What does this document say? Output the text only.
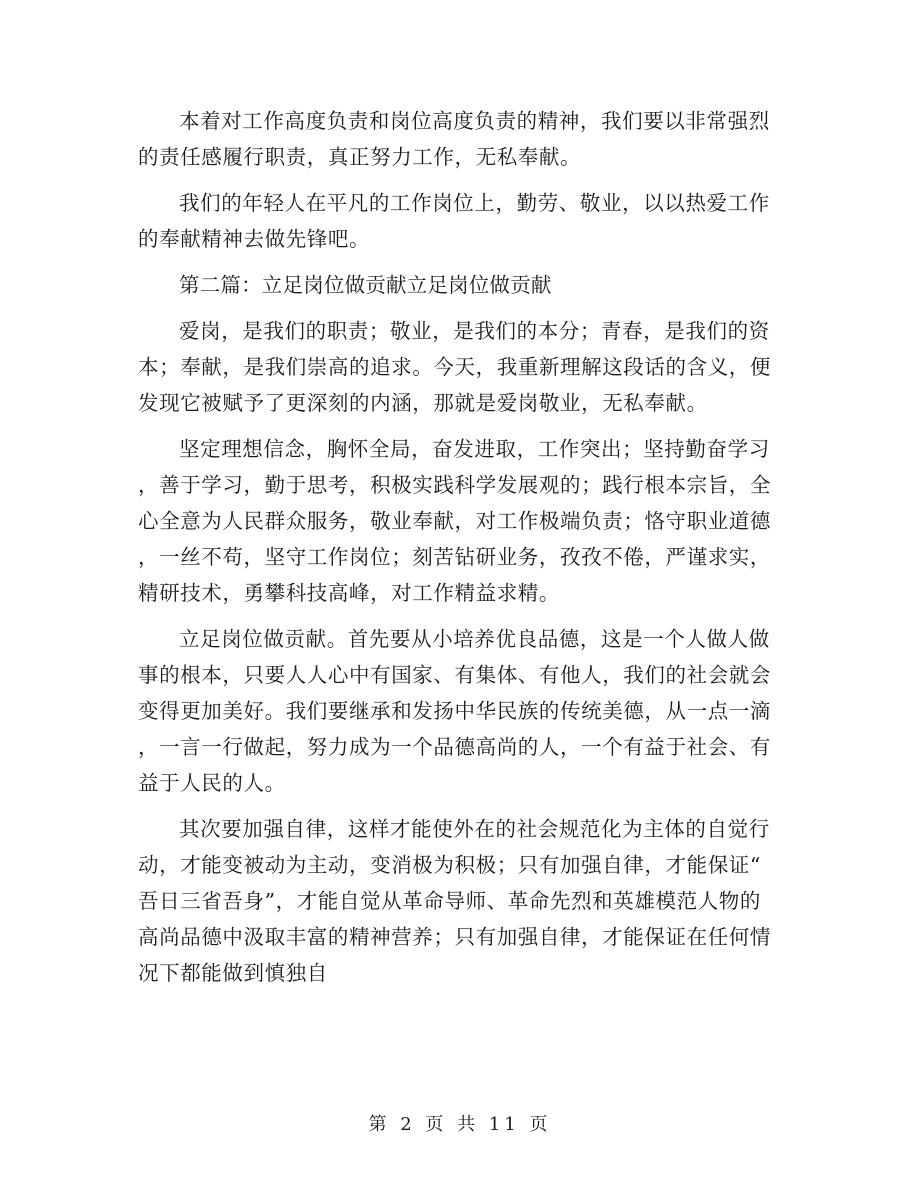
本着对工作高度负责和岗位高度负责的精神，我们要以非常强烈
的责任感履行职责，真正努力工作，无私奉献。
我们的年轻人在平凡的工作岗位上，勤劳、敬业，以以热爱工作
的奉献精神去做先锋吧。
第二篇：立足岗位做贡献立足岗位做贡献
爱岗，是我们的职责；敬业，是我们的本分；青春，是我们的资
本；奉献，是我们崇高的追求。今天，我重新理解这段话的含义，便
发现它被赋予了更深刻的内涵，那就是爱岗敬业，无私奉献。
坚定理想信念，胸怀全局，奋发进取，工作突出；坚持勤奋学习
，善于学习，勤于思考，积极实践科学发展观的；践行根本宗旨，全
心全意为人民群众服务，敬业奉献，对工作极端负责；恪守职业道德
，一丝不苟，坚守工作岗位；刻苦钻研业务，孜孜不倦，严谨求实，
精研技术，勇攀科技高峰，对工作精益求精。
立足岗位做贡献。首先要从小培养优良品德，这是一个人做人做
事的根本，只要人人心中有国家、有集体、有他人，我们的社会就会
变得更加美好。我们要继承和发扬中华民族的传统美德，从一点一滴
，一言一行做起，努力成为一个品德高尚的人，一个有益于社会、有
益于人民的人。
其次要加强自律，这样才能使外在的社会规范化为主体的自觉行
动，才能变被动为主动，变消极为积极；只有加强自律，才能保证“
吾日三省吾身”，才能自觉从革命导师、革命先烈和英雄模范人物的
高尚品德中汲取丰富的精神营养；只有加强自律，才能保证在任何情
况下都能做到慎独自
第 2 页 共 11 页
